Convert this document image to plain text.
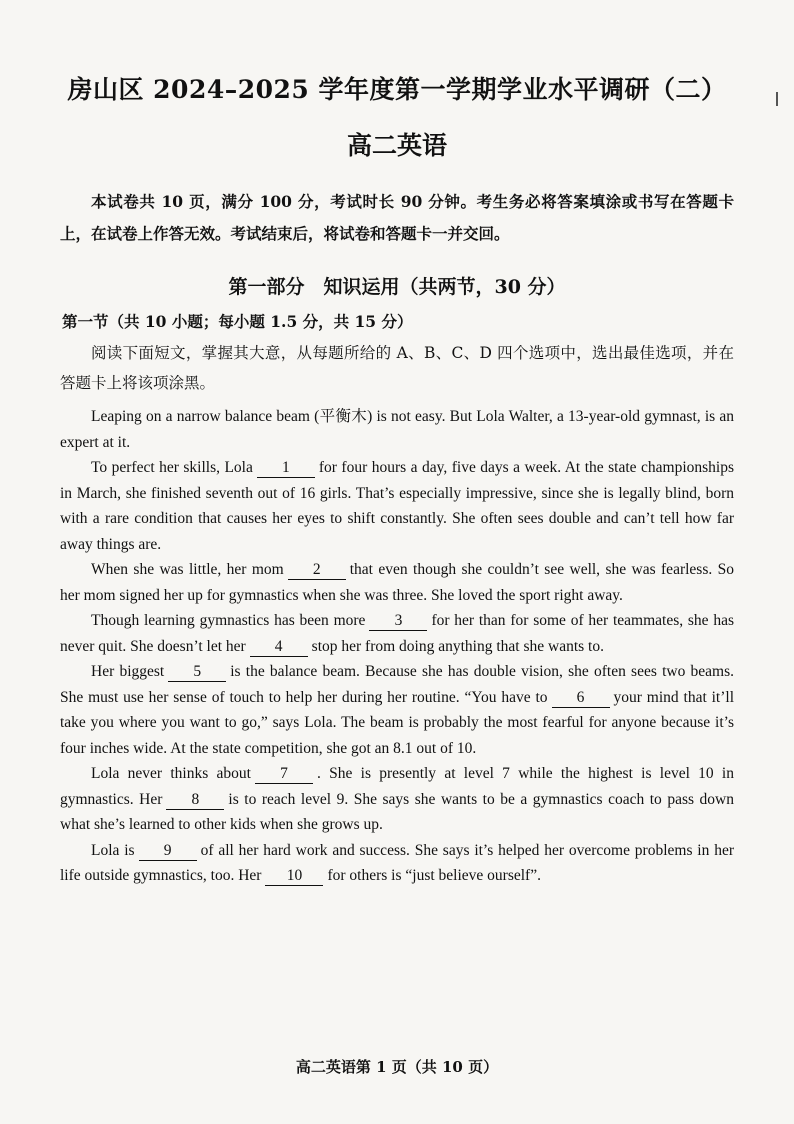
房山区 2024–2025 学年度第一学期学业水平调研（二）
高二英语
本试卷共 10 页，满分 100 分，考试时长 90 分钟。考生务必将答案填涂或书写在答题卡上，在试卷上作答无效。考试结束后，将试卷和答题卡一并交回。
第一部分　知识运用（共两节，30 分）
第一节（共 10 小题；每小题 1.5 分，共 15 分）
阅读下面短文，掌握其大意，从每题所给的 A、B、C、D 四个选项中，选出最佳选项，并在答题卡上将该项涂黑。

Leaping on a narrow balance beam (平衡木) is not easy. But Lola Walter, a 13-year-old gymnast, is an expert at it.

To perfect her skills, Lola 1 for four hours a day, five days a week. At the state championships in March, she finished seventh out of 16 girls. That’s especially impressive, since she is legally blind, born with a rare condition that causes her eyes to shift constantly. She often sees double and can’t tell how far away things are.

When she was little, her mom 2 that even though she couldn’t see well, she was fearless. So her mom signed her up for gymnastics when she was three. She loved the sport right away.

Though learning gymnastics has been more 3 for her than for some of her teammates, she has never quit. She doesn’t let her 4 stop her from doing anything that she wants to.

Her biggest 5 is the balance beam. Because she has double vision, she often sees two beams. She must use her sense of touch to help her during her routine. “You have to 6 your mind that it’ll take you where you want to go,” says Lola. The beam is probably the most fearful for anyone because it’s four inches wide. At the state competition, she got an 8.1 out of 10.

Lola never thinks about 7 . She is presently at level 7 while the highest is level 10 in gymnastics. Her 8 is to reach level 9. She says she wants to be a gymnastics coach to pass down what she’s learned to other kids when she grows up.

Lola is 9 of all her hard work and success. She says it’s helped her overcome problems in her life outside gymnastics, too. Her 10 for others is “just believe ourself”.

高二英语第 1 页（共 10 页）
